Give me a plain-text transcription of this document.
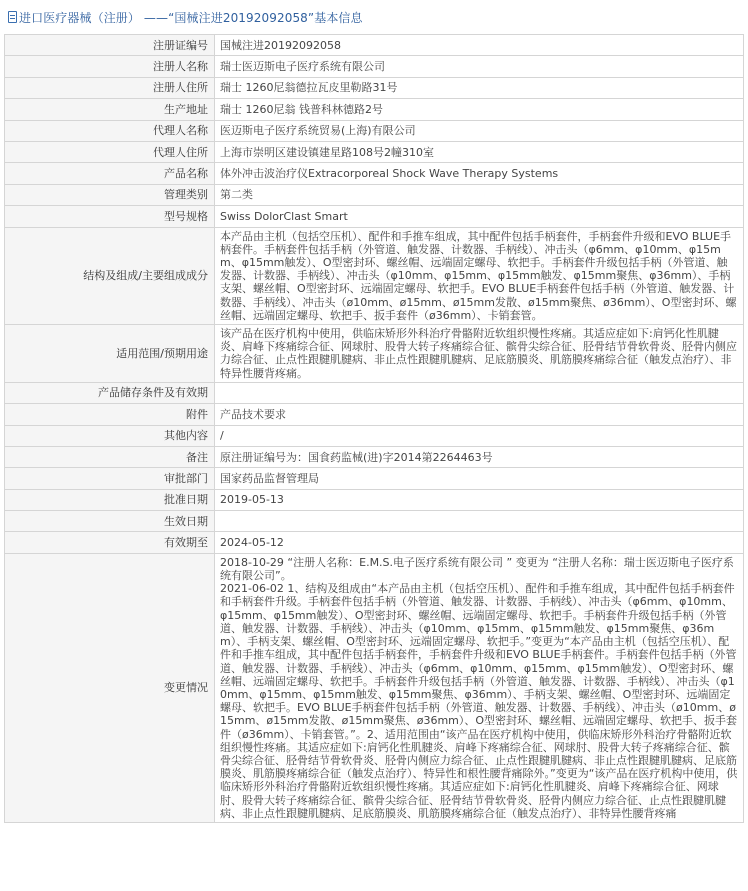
进口医疗器械（注册） ——“国械注进20192092058”基本信息
注册证编号	国械注进20192092058
注册人名称	瑞士医迈斯电子医疗系统有限公司
注册人住所	瑞士 1260尼翁德拉瓦皮里勒路31号
生产地址	瑞士 1260尼翁 钱普科林德路2号
代理人名称	医迈斯电子医疗系统贸易(上海)有限公司
代理人住所	上海市崇明区建设镇建星路108号2幢310室
产品名称	体外冲击波治疗仪Extracorporeal Shock Wave Therapy Systems
管理类别	第二类
型号规格	Swiss DolorClast Smart
结构及组成/主要组成成分	本产品由主机（包括空压机）、配件和手推车组成，其中配件包括手柄套件，手柄套件升级和EVO BLUE手柄套件。手柄套件包括手柄（外管道、触发器、计数器、手柄线）、冲击头（φ6mm、φ10mm、φ15mm、φ15mm触发）、O型密封环、螺丝帽、远端固定螺母、软把手。手柄套件升级包括手柄（外管道、触发器、计数器、手柄线）、冲击头（φ10mm、φ15mm、φ15mm触发、φ15mm聚焦、φ36mm）、手柄支架、螺丝帽、O型密封环、远端固定螺母、软把手。EVO BLUE手柄套件包括手柄（外管道、触发器、计数器、手柄线）、冲击头（ø10mm、ø15mm、ø15mm发散、ø15mm聚焦、ø36mm）、O型密封环、螺丝帽、远端固定螺母、软把手、扳手套件（ø36mm）、卡销套管。
适用范围/预期用途	该产品在医疗机构中使用，供临床矫形外科治疗骨骼附近软组织慢性疼痛。其适应症如下:肩钙化性肌腱炎、肩峰下疼痛综合征、网球肘、股骨大转子疼痛综合征、髌骨尖综合征、胫骨结节骨软骨炎、胫骨内侧应力综合征、止点性跟腱肌腱病、非止点性跟腱肌腱病、足底筋膜炎、肌筋膜疼痛综合征（触发点治疗）、非特异性腰背疼痛。
产品储存条件及有效期	
附件	产品技术要求
其他内容	/
备注	原注册证编号为：国食药监械(进)字2014第2264463号
审批部门	国家药品监督管理局
批准日期	2019-05-13
生效日期	
有效期至	2024-05-12
变更情况	2018-10-29 “注册人名称：E.M.S.电子医疗系统有限公司 ” 变更为 “注册人名称：瑞士医迈斯电子医疗系统有限公司”。
2021-06-02 1、结构及组成由“本产品由主机（包括空压机）、配件和手推车组成，其中配件包括手柄套件和手柄套件升级。手柄套件包括手柄（外管道、触发器、计数器、手柄线）、冲击头（φ6mm、φ10mm、φ15mm、φ15mm触发）、O型密封环、螺丝帽、远端固定螺母、软把手。手柄套件升级包括手柄（外管道、触发器、计数器、手柄线）、冲击头（φ10mm、φ15mm、φ15mm触发、φ15mm聚焦、φ36mm）、手柄支架、螺丝帽、O型密封环、远端固定螺母、软把手。”变更为“本产品由主机（包括空压机）、配件和手推车组成，其中配件包括手柄套件，手柄套件升级和EVO BLUE手柄套件。手柄套件包括手柄（外管道、触发器、计数器、手柄线）、冲击头（φ6mm、φ10mm、φ15mm、φ15mm触发）、O型密封环、螺丝帽、远端固定螺母、软把手。手柄套件升级包括手柄（外管道、触发器、计数器、手柄线）、冲击头（φ10mm、φ15mm、φ15mm触发、φ15mm聚焦、φ36mm）、手柄支架、螺丝帽、O型密封环、远端固定螺母、软把手。EVO BLUE手柄套件包括手柄（外管道、触发器、计数器、手柄线）、冲击头（ø10mm、ø15mm、ø15mm发散、ø15mm聚焦、ø36mm）、O型密封环、螺丝帽、远端固定螺母、软把手、扳手套件（ø36mm）、卡销套管。”。2、适用范围由“该产品在医疗机构中使用，供临床矫形外科治疗骨骼附近软组织慢性疼痛。其适应症如下:肩钙化性肌腱炎、肩峰下疼痛综合征、网球肘、股骨大转子疼痛综合征、髌骨尖综合征、胫骨结节骨软骨炎、胫骨内侧应力综合征、止点性跟腱肌腱病、非止点性跟腱肌腱病、足底筋膜炎、肌筋膜疼痛综合征（触发点治疗）、特异性和根性腰背痛除外。”变更为“该产品在医疗机构中使用，供临床矫形外科治疗骨骼附近软组织慢性疼痛。其适应症如下:肩钙化性肌腱炎、肩峰下疼痛综合征、网球肘、股骨大转子疼痛综合征、髌骨尖综合征、胫骨结节骨软骨炎、胫骨内侧应力综合征、止点性跟腱肌腱病、非止点性跟腱肌腱病、足底筋膜炎、肌筋膜疼痛综合征（触发点治疗）、非特异性腰背疼痛
